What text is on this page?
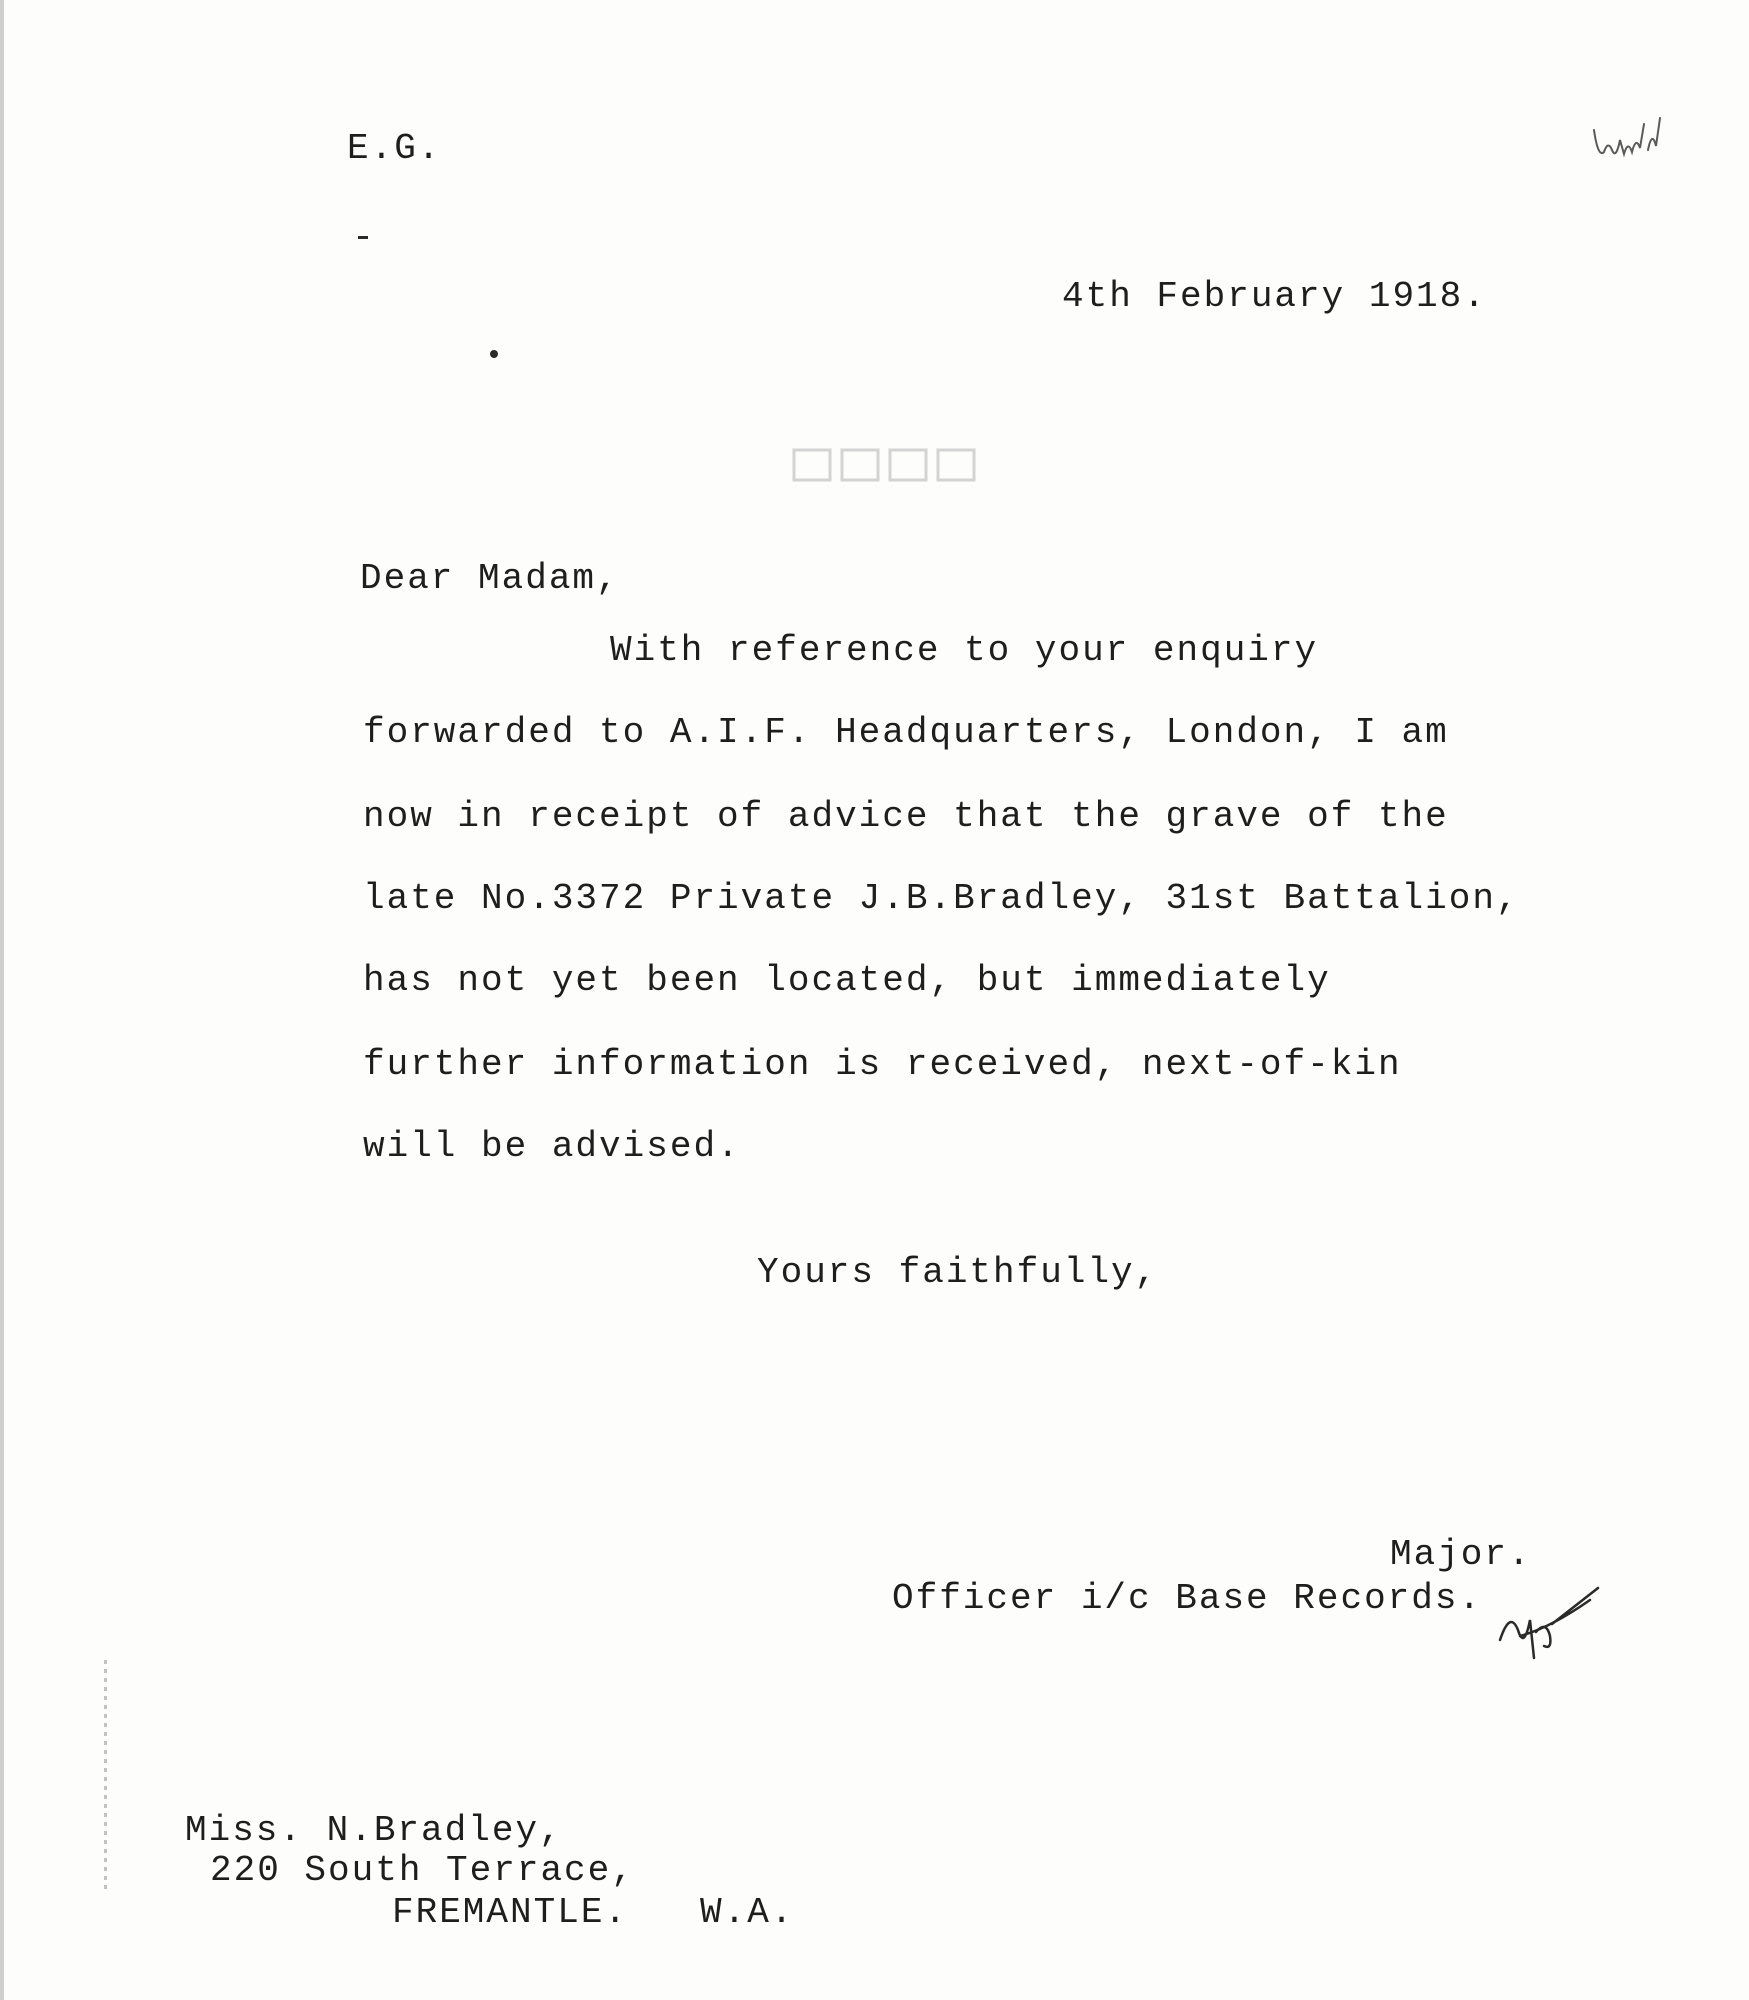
E.G.
4th February 1918.
Dear Madam,
With reference to your enquiry
forwarded to A.I.F. Headquarters, London, I am
now in receipt of advice that the grave of the
late No.3372 Private J.B.Bradley, 31st Battalion,
has not yet been located, but immediately
further information is received, next-of-kin
will be advised.
Yours faithfully,
Major.
Officer i/c Base Records.
Miss. N.Bradley,
220 South Terrace,
FREMANTLE. W.A.
